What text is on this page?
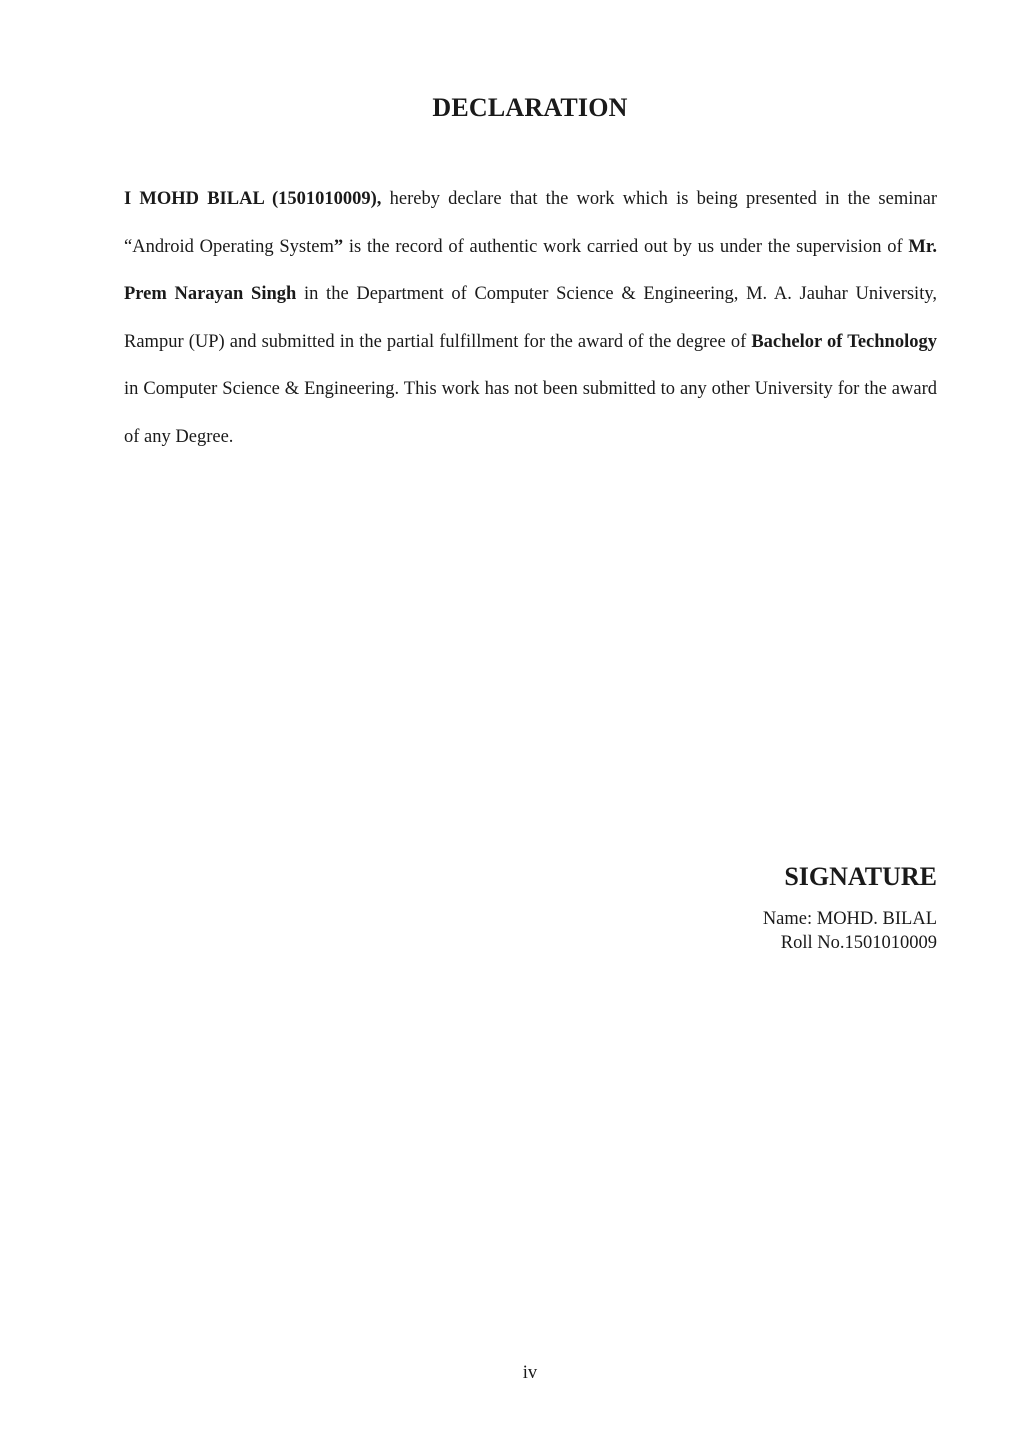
DECLARATION

I MOHD BILAL (1501010009), hereby declare that the work which is being presented in the seminar “Android Operating System” is the record of authentic work carried out by us under the supervision of Mr. Prem Narayan Singh in the Department of Computer Science & Engineering, M. A. Jauhar University, Rampur (UP) and submitted in the partial fulfillment for the award of the degree of Bachelor of Technology in Computer Science & Engineering. This work has not been submitted to any other University for the award of any Degree.

SIGNATURE
Name: MOHD. BILAL
Roll No.1501010009
iv
